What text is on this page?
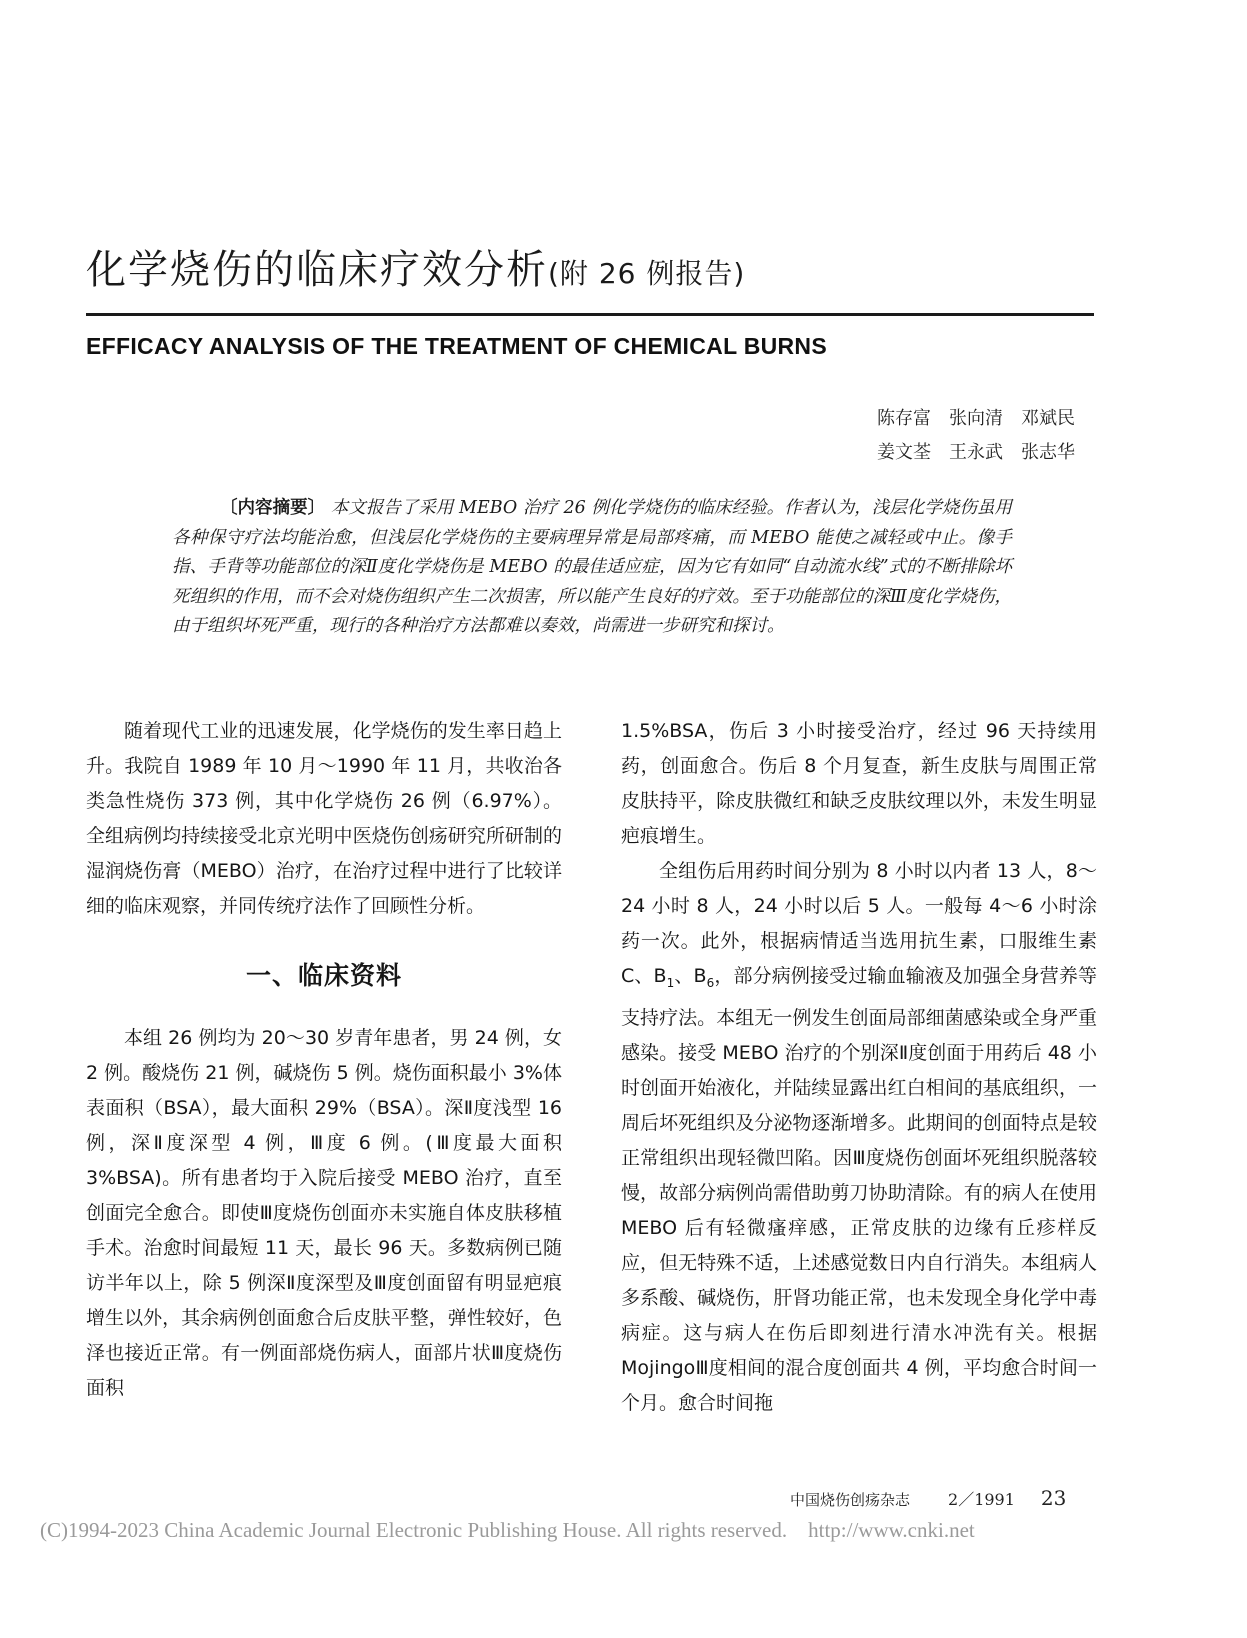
化学烧伤的临床疗效分析(附 26 例报告)
EFFICACY ANALYSIS OF THE TREATMENT OF CHEMICAL BURNS
陈存富　张向清　邓斌民
姜文荃　王永武　张志华
〔内容摘要〕 本文报告了采用 MEBO 治疗 26 例化学烧伤的临床经验。作者认为，浅层化学烧伤虽用各种保守疗法均能治愈，但浅层化学烧伤的主要病理异常是局部疼痛，而 MEBO 能使之减轻或中止。像手指、手背等功能部位的深Ⅱ度化学烧伤是 MEBO 的最佳适应症，因为它有如同“自动流水线”式的不断排除坏死组织的作用，而不会对烧伤组织产生二次损害，所以能产生良好的疗效。至于功能部位的深Ⅲ度化学烧伤，由于组织坏死严重，现行的各种治疗方法都难以奏效，尚需进一步研究和探讨。

随着现代工业的迅速发展，化学烧伤的发生率日趋上升。我院自 1989 年 10 月～1990 年 11 月，共收治各类急性烧伤 373 例，其中化学烧伤 26 例（6.97%）。全组病例均持续接受北京光明中医烧伤创疡研究所研制的湿润烧伤膏（MEBO）治疗，在治疗过程中进行了比较详细的临床观察，并同传统疗法作了回顾性分析。

一、临床资料

本组 26 例均为 20～30 岁青年患者，男 24 例，女 2 例。酸烧伤 21 例，碱烧伤 5 例。烧伤面积最小 3%体表面积（BSA），最大面积 29%（BSA）。深Ⅱ度浅型 16 例，深Ⅱ度深型 4 例，Ⅲ度 6 例。(Ⅲ度最大面积 3%BSA)。所有患者均于入院后接受 MEBO 治疗，直至创面完全愈合。即使Ⅲ度烧伤创面亦未实施自体皮肤移植手术。治愈时间最短 11 天，最长 96 天。多数病例已随访半年以上，除 5 例深Ⅱ度深型及Ⅲ度创面留有明显疤痕增生以外，其余病例创面愈合后皮肤平整，弹性较好，色泽也接近正常。有一例面部烧伤病人，面部片状Ⅲ度烧伤面积

1.5%BSA，伤后 3 小时接受治疗，经过 96 天持续用药，创面愈合。伤后 8 个月复查，新生皮肤与周围正常皮肤持平，除皮肤微红和缺乏皮肤纹理以外，未发生明显疤痕增生。

全组伤后用药时间分别为 8 小时以内者 13 人，8～24 小时 8 人，24 小时以后 5 人。一般每 4～6 小时涂药一次。此外，根据病情适当选用抗生素，口服维生素 C、$B_1$、$B_6$，部分病例接受过输血输液及加强全身营养等支持疗法。本组无一例发生创面局部细菌感染或全身严重感染。接受 MEBO 治疗的个别深Ⅱ度创面于用药后 48 小时创面开始液化，并陆续显露出红白相间的基底组织，一周后坏死组织及分泌物逐渐增多。此期间的创面特点是较正常组织出现轻微凹陷。因Ⅲ度烧伤创面坏死组织脱落较慢，故部分病例尚需借助剪刀协助清除。有的病人在使用 MEBO 后有轻微瘙痒感，正常皮肤的边缘有丘疹样反应，但无特殊不适，上述感觉数日内自行消失。本组病人多系酸、碱烧伤，肝肾功能正常，也未发现全身化学中毒病症。这与病人在伤后即刻进行清水冲洗有关。根据 MojingoⅢ度相间的混合度创面共 4 例，平均愈合时间一个月。愈合时间拖

中国烧伤创疡杂志 2／1991 23
(C)1994-2023 China Academic Journal Electronic Publishing House. All rights reserved.　http://www.cnki.net
